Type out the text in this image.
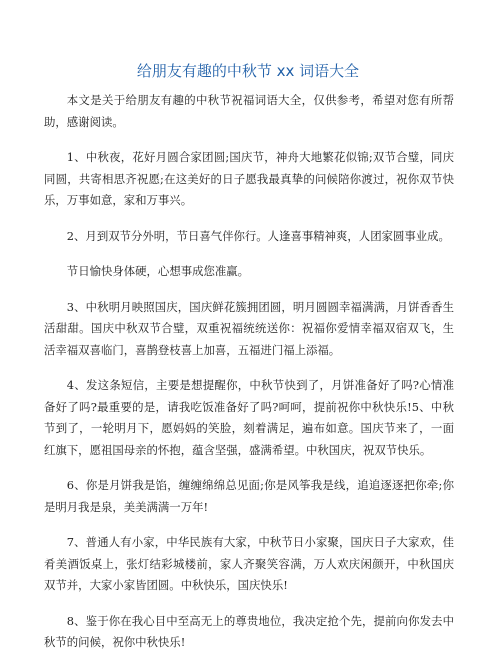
给朋友有趣的中秋节 xx 词语大全

本文是关于给朋友有趣的中秋节祝福词语大全，仅供参考，希望对您有所帮助，感谢阅读。

1、中秋夜，花好月圆合家团圆;国庆节，神舟大地繁花似锦;双节合璧，同庆同圆，共寄相思齐祝愿;在这美好的日子愿我最真挚的问候陪你渡过，祝你双节快乐，万事如意，家和万事兴。

2、月到双节分外明，节日喜气伴你行。人逢喜事精神爽，人团家圆事业成。

节日愉快身体硬，心想事成您准赢。

3、中秋明月映照国庆，国庆鲜花簇拥团圆，明月圆圆幸福满满，月饼香香生活甜甜。国庆中秋双节合璧，双重祝福统统送你：祝福你爱情幸福双宿双飞，生活幸福双喜临门，喜鹊登枝喜上加喜，五福进门福上添福。

4、发这条短信，主要是想提醒你，中秋节快到了，月饼准备好了吗?心情准备好了吗?最重要的是，请我吃饭准备好了吗?呵呵，提前祝你中秋快乐!5、中秋节到了，一轮明月下，愿妈妈的笑脸，刻着满足，遍布如意。国庆节来了，一面红旗下，愿祖国母亲的怀抱，蕴含坚强，盛满希望。中秋国庆，祝双节快乐。

6、你是月饼我是馅，缠缠绵绵总见面;你是风筝我是线，追追逐逐把你牵;你是明月我是泉，美美满满一万年!

7、普通人有小家，中华民族有大家，中秋节日小家聚，国庆日子大家欢，佳肴美酒饭桌上，张灯结彩城楼前，家人齐聚笑容满，万人欢庆闲颜开，中秋国庆双节并，大家小家皆团圆。中秋快乐，国庆快乐!

8、鉴于你在我心目中至高无上的尊贵地位，我决定抢个先，提前向你发去中秋节的问候，祝你中秋快乐!
